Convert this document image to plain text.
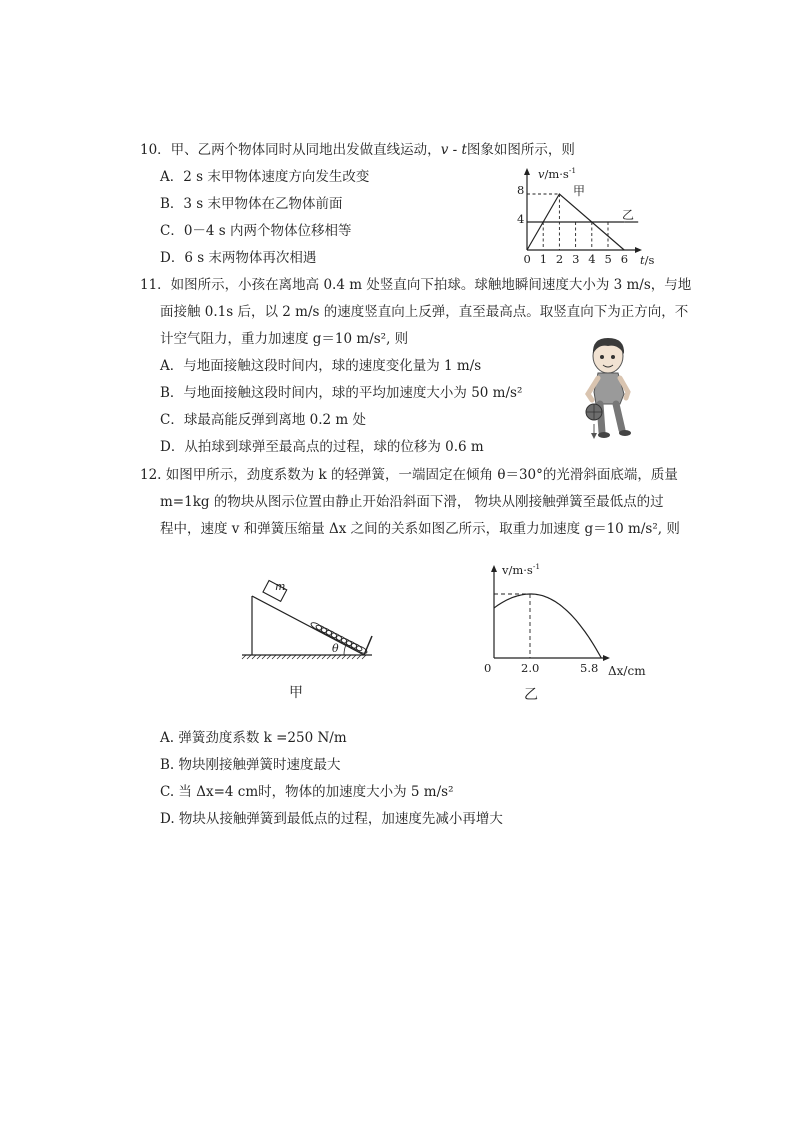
10．甲、乙两个物体同时从同地出发做直线运动，v - t图象如图所示，则
A．2 s 末甲物体速度方向发生改变
B．3 s 末甲物体在乙物体前面
C．0－4 s 内两个物体位移相等
D．6 s 末两物体再次相遇
$v/m\cdot s^{-1}$
t/s
8
4
0 1 2 3 4 5 6
甲
乙
11．如图所示，小孩在离地高 0.4 m 处竖直向下拍球。球触地瞬间速度大小为 3 m/s，与地
面接触 0.1s 后，以 2 m/s 的速度竖直向上反弹，直至最高点。取竖直向下为正方向，不
计空气阻力，重力加速度 g＝10 m/s², 则
A．与地面接触这段时间内，球的速度变化量为 1 m/s
B．与地面接触这段时间内，球的平均加速度大小为 50 m/s²
C．球最高能反弹到离地 0.2 m 处
D．从拍球到球弹至最高点的过程，球的位移为 0.6 m
12. 如图甲所示，劲度系数为 k 的轻弹簧，一端固定在倾角 θ＝30°的光滑斜面底端，质量
m=1kg 的物块从图示位置由静止开始沿斜面下滑， 物块从刚接触弹簧至最低点的过
程中，速度 v 和弹簧压缩量 Δx 之间的关系如图乙所示，取重力加速度 g＝10 m/s², 则
m
θ
甲
$v/m\cdot s^{-1}$
0	2.0	5.8 Δx/cm
乙
A. 弹簧劲度系数 k =250 N/m
B. 物块刚接触弹簧时速度最大
C. 当 Δx=4 cm时，物体的加速度大小为 5 m/s²
D. 物块从接触弹簧到最低点的过程，加速度先减小再增大
